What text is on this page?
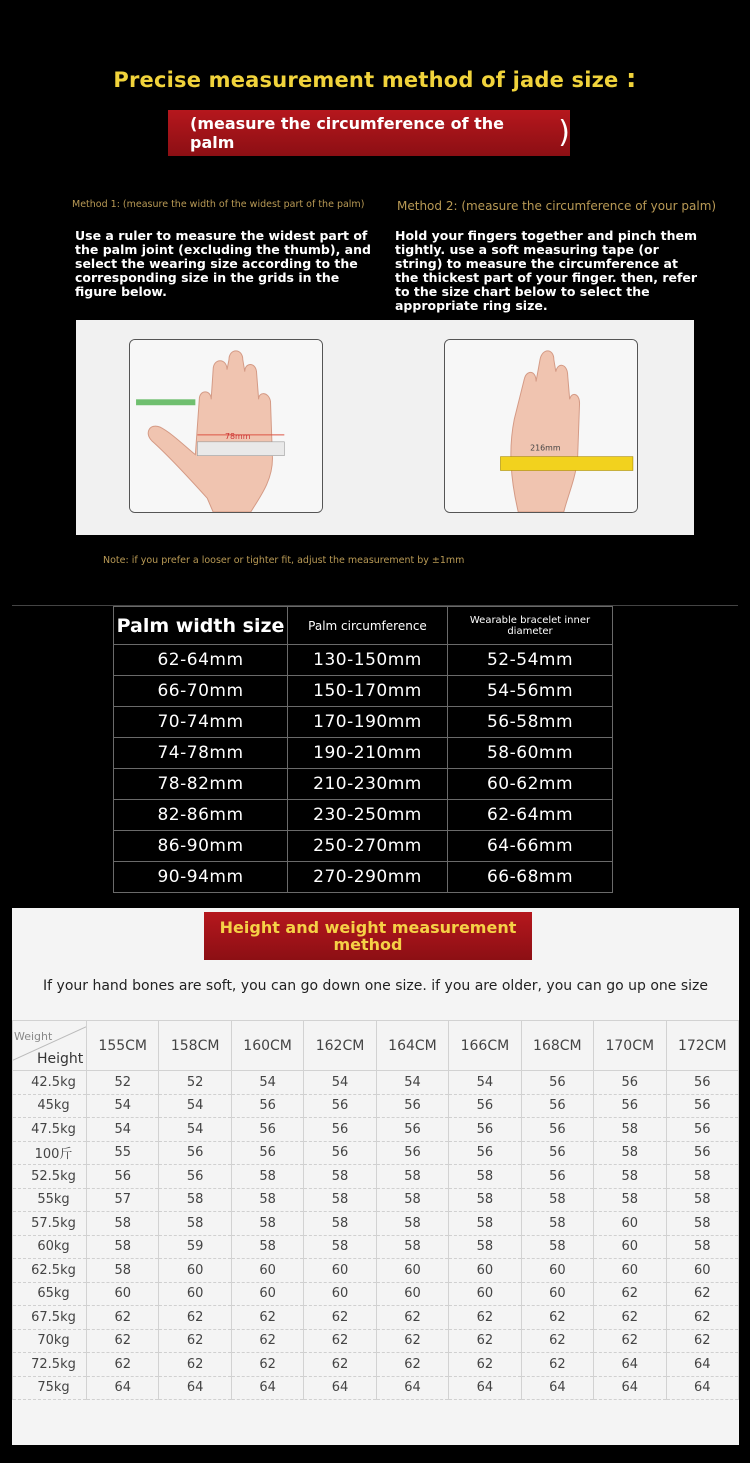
Precise measurement method of jade size :
(measure the circumference of the palm	)
Method 1: (measure the width of the widest part of the palm)	Method 2: (measure the circumference of your palm)
Use a ruler to measure the widest part of the palm joint (excluding the thumb), and select the wearing size according to the corresponding size in the grids in the figure below.
Hold your fingers together and pinch them tightly. use a soft measuring tape (or string) to measure the circumference at the thickest part of your finger. then, refer to the size chart below to select the appropriate ring size.
78mm
216mm
Note: if you prefer a looser or tighter fit, adjust the measurement by ±1mm
Palm width size	Palm circumference	Wearable bracelet inner diameter
62-64mm	130-150mm	52-54mm
66-70mm	150-170mm	54-56mm
70-74mm	170-190mm	56-58mm
74-78mm	190-210mm	58-60mm
78-82mm	210-230mm	60-62mm
82-86mm	230-250mm	62-64mm
86-90mm	250-270mm	64-66mm
90-94mm	270-290mm	66-68mm
Height and weight measurement method
If your hand bones are soft, you can go down one size. if you are older, you can go up one size
Weight
Height	155CM	158CM	160CM	162CM	164CM	166CM	168CM	170CM	172CM
42.5kg	52	52	54	54	54	54	56	56	56
45kg	54	54	56	56	56	56	56	56	56
47.5kg	54	54	56	56	56	56	56	58	56
100斤	55	56	56	56	56	56	56	58	56
52.5kg	56	56	58	58	58	58	56	58	58
55kg	57	58	58	58	58	58	58	58	58
57.5kg	58	58	58	58	58	58	58	60	58
60kg	58	59	58	58	58	58	58	60	58
62.5kg	58	60	60	60	60	60	60	60	60
65kg	60	60	60	60	60	60	60	62	62
67.5kg	62	62	62	62	62	62	62	62	62
70kg	62	62	62	62	62	62	62	62	62
72.5kg	62	62	62	62	62	62	62	64	64
75kg	64	64	64	64	64	64	64	64	64
